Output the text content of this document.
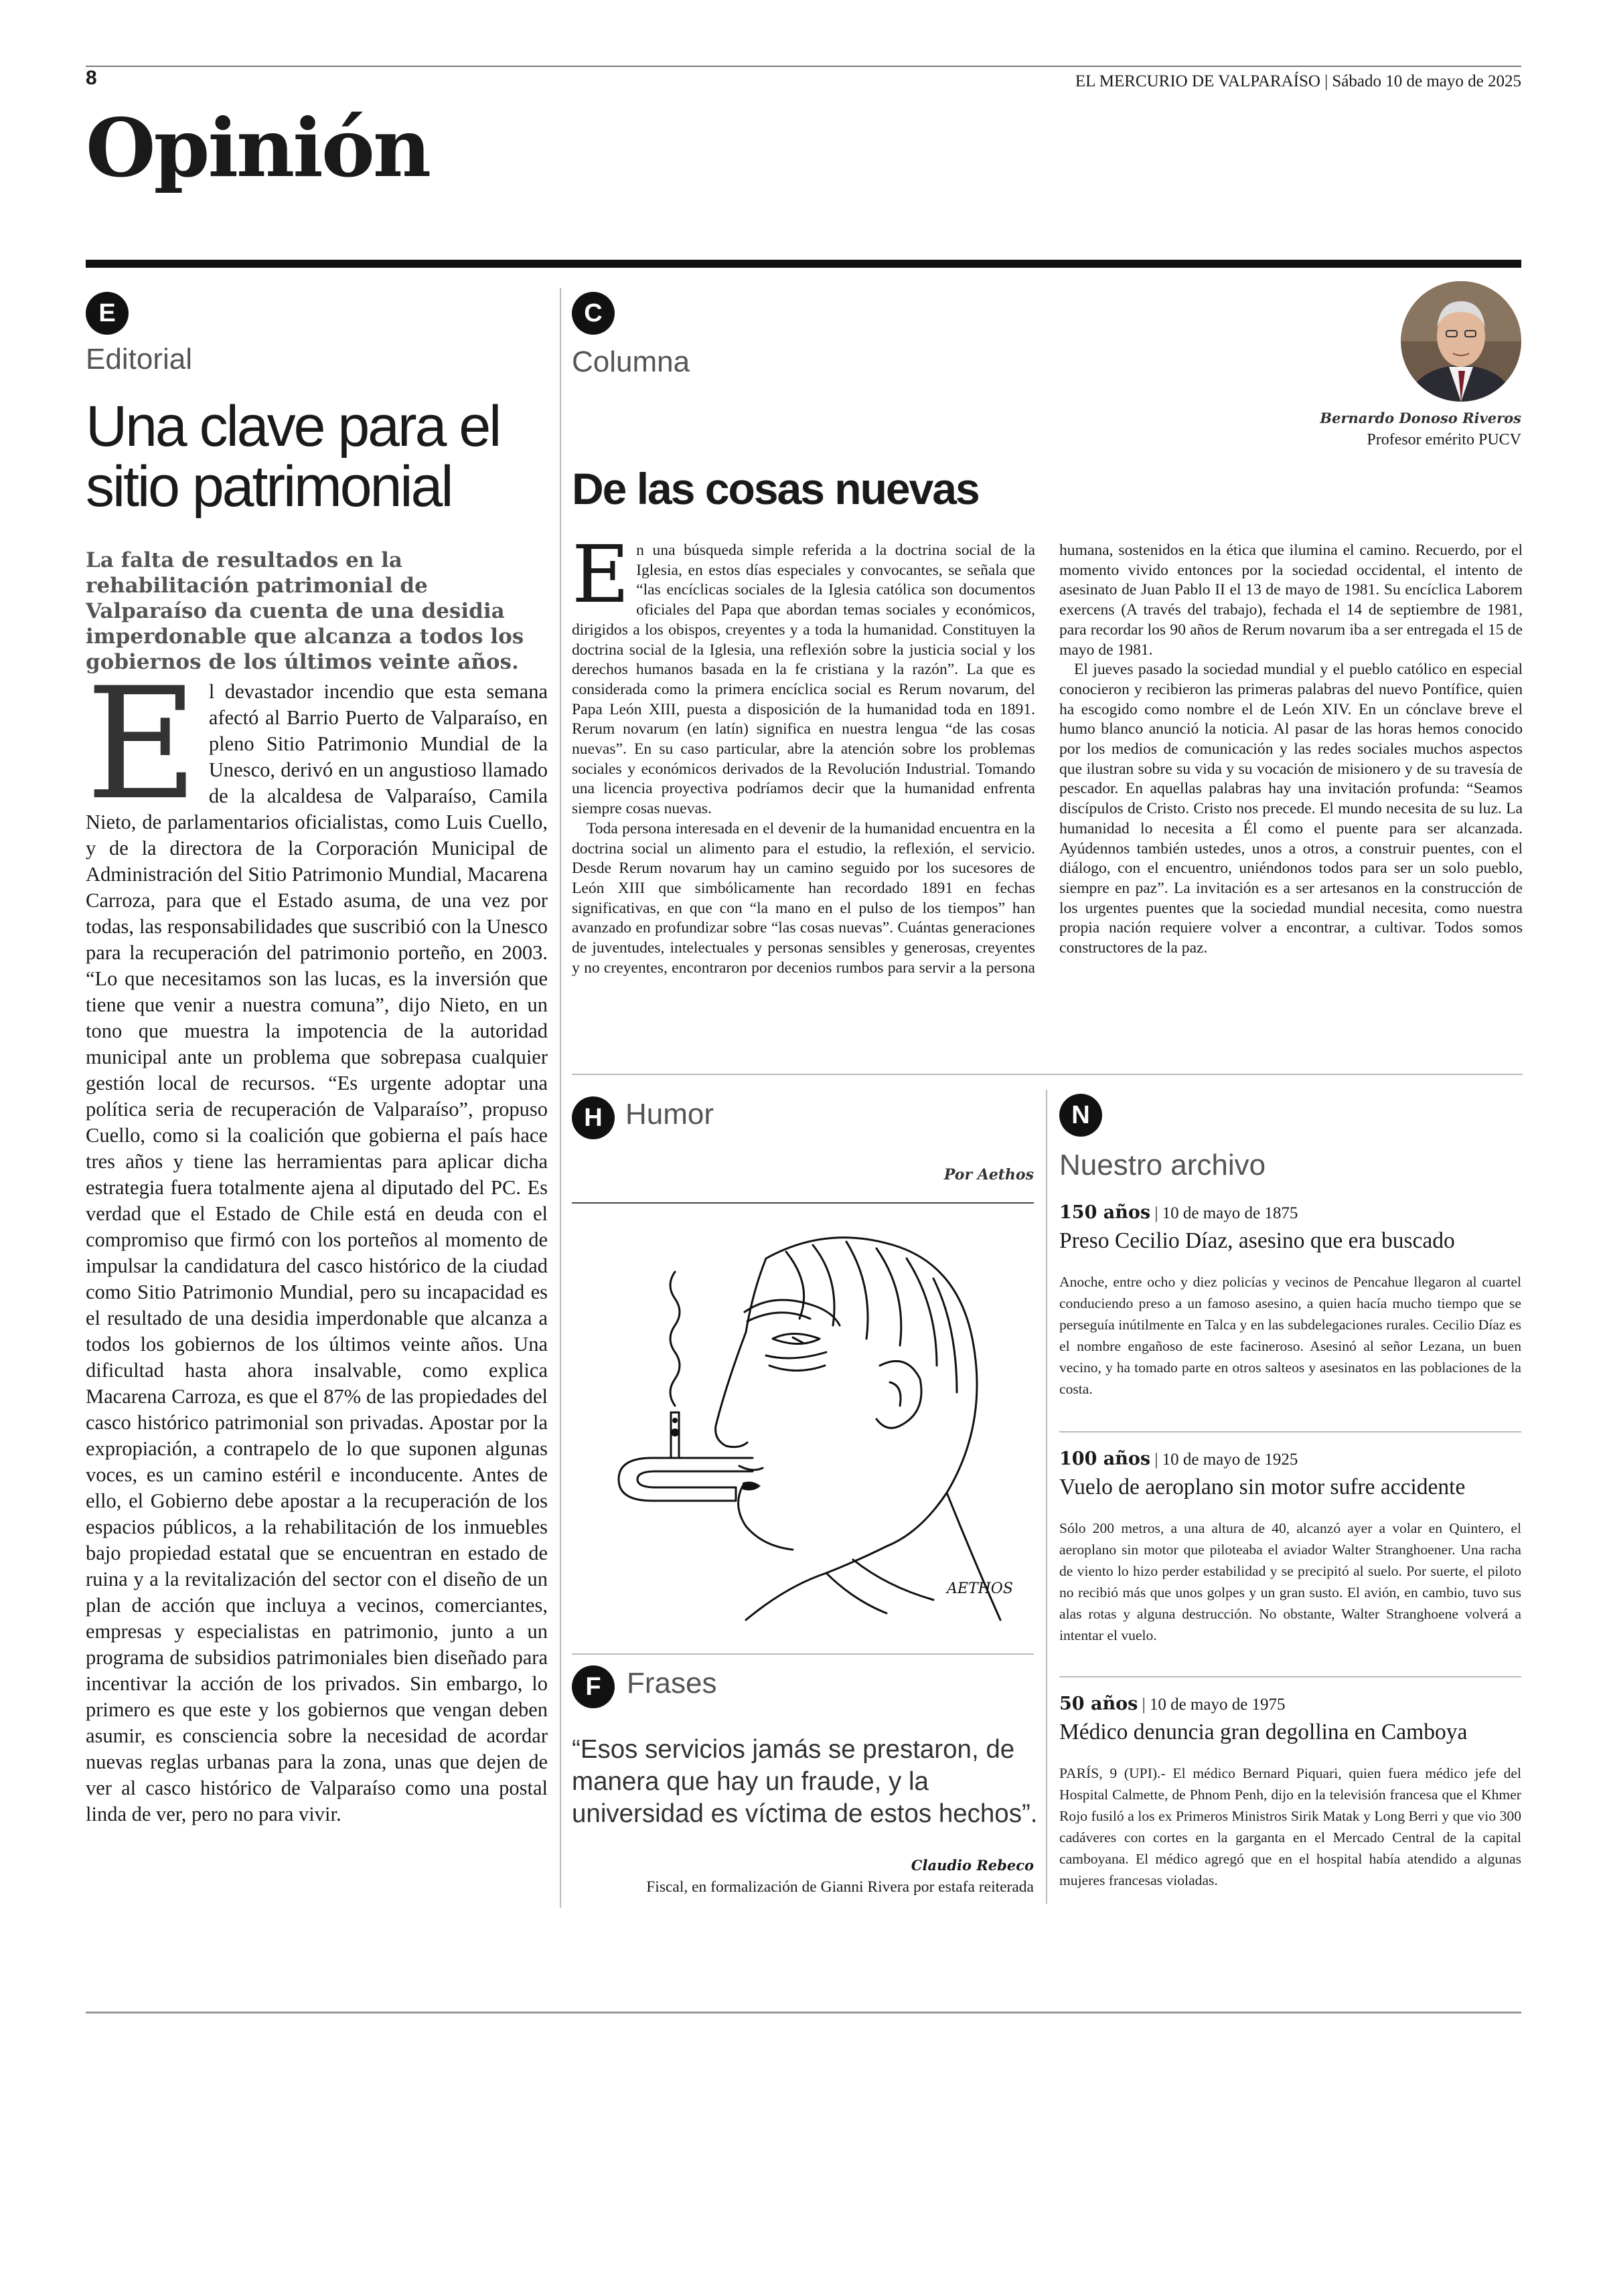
8	EL MERCURIO DE VALPARAÍSO | Sábado 10 de mayo de 2025
Opinión
E
Editorial
Una clave para el sitio patrimonial

La falta de resultados en la rehabilitación patrimonial de Valparaíso da cuenta de una desidia imperdonable que alcanza a todos los gobiernos de los últimos veinte años.

E l devastador incendio que esta semana afectó al Barrio Puerto de Valparaíso, en pleno Sitio Patrimonio Mundial de la Unesco, derivó en un angustioso llamado de la alcaldesa de Valparaíso, Camila Nieto, de parlamentarios oficialistas, como Luis Cuello, y de la directora de la Corporación Municipal de Administración del Sitio Patrimonio Mundial, Macarena Carroza, para que el Estado asuma, de una vez por todas, las responsabilidades que suscribió con la Unesco para la recuperación del patrimonio porteño, en 2003. “Lo que necesitamos son las lucas, es la inversión que tiene que venir a nuestra comuna”, dijo Nieto, en un tono que muestra la impotencia de la autoridad municipal ante un problema que sobrepasa cualquier gestión local de recursos. “Es urgente adoptar una política seria de recuperación de Valparaíso”, propuso Cuello, como si la coalición que gobierna el país hace tres años y tiene las herramientas para aplicar dicha estrategia fuera totalmente ajena al diputado del PC. Es verdad que el Estado de Chile está en deuda con el compromiso que firmó con los porteños al momento de impulsar la candidatura del casco histórico de la ciudad como Sitio Patrimonio Mundial, pero su incapacidad es el resultado de una desidia imperdonable que alcanza a todos los gobiernos de los últimos veinte años. Una dificultad hasta ahora insalvable, como explica Macarena Carroza, es que el 87% de las propiedades del casco histórico patrimonial son privadas. Apostar por la expropiación, a contrapelo de lo que suponen algunas voces, es un camino estéril e inconducente. Antes de ello, el Gobierno debe apostar a la recuperación de los espacios públicos, a la rehabilitación de los inmuebles bajo propiedad estatal que se encuentran en estado de ruina y a la revitalización del sector con el diseño de un plan de acción que incluya a vecinos, comerciantes, empresas y especialistas en patrimonio, junto a un programa de subsidios patrimoniales bien diseñado para incentivar la acción de los privados. Sin embargo, lo primero es que este y los gobiernos que vengan deben asumir, es consciencia sobre la necesidad de acordar nuevas reglas urbanas para la zona, unas que dejen de ver al casco histórico de Valparaíso como una postal linda de ver, pero no para vivir.
C
Columna
Bernardo Donoso Riveros
Profesor emérito PUCV
De las cosas nuevas

En una búsqueda simple referida a la doctrina social de la Iglesia, en estos días especiales y convocantes, se señala que “las encíclicas sociales de la Iglesia católica son documentos oficiales del Papa que abordan temas sociales y económicos, dirigidos a los obispos, creyentes y a toda la humanidad. Constituyen la doctrina social de la Iglesia, una reflexión sobre la justicia social y los derechos humanos basada en la fe cristiana y la razón”. La que es considerada como la primera encíclica social es Rerum novarum, del Papa León XIII, puesta a disposición de la humanidad toda en 1891. Rerum novarum (en latín) significa en nuestra lengua “de las cosas nuevas”. En su caso particular, abre la atención sobre los problemas sociales y económicos derivados de la Revolución Industrial. Tomando una licencia proyectiva podríamos decir que la humanidad enfrenta siempre cosas nuevas.

Toda persona interesada en el devenir de la humanidad encuentra en la doctrina social un alimento para el estudio, la reflexión, el servicio. Desde Rerum novarum hay un camino seguido por los sucesores de León XIII que simbólicamente han recordado 1891 en fechas significativas, en que con “la mano en el pulso de los tiempos” han avanzado en profundizar sobre “las cosas nuevas”. Cuántas generaciones de juventudes, intelectuales y personas sensibles y generosas, creyentes y no creyentes, encontraron por decenios rumbos para servir a la persona humana, sostenidos en la ética que ilumina el camino. Recuerdo, por el momento vivido entonces por la sociedad occidental, el intento de asesinato de Juan Pablo II el 13 de mayo de 1981. Su encíclica Laborem exercens (A través del trabajo), fechada el 14 de septiembre de 1981, para recordar los 90 años de Rerum novarum iba a ser entregada el 15 de mayo de 1981.

El jueves pasado la sociedad mundial y el pueblo católico en especial conocieron y recibieron las primeras palabras del nuevo Pontífice, quien ha escogido como nombre el de León XIV. En un cónclave breve el humo blanco anunció la noticia. Al pasar de las horas hemos conocido por los medios de comunicación y las redes sociales muchos aspectos que ilustran sobre su vida y su vocación de misionero y de su travesía de pescador. En aquellas palabras hay una invitación profunda: “Seamos discípulos de Cristo. Cristo nos precede. El mundo necesita de su luz. La humanidad lo necesita a Él como el puente para ser alcanzada. Ayúdennos también ustedes, unos a otros, a construir puentes, con el diálogo, con el encuentro, uniéndonos todos para ser un solo pueblo, siempre en paz”. La invitación es a ser artesanos en la construcción de los urgentes puentes que la sociedad mundial necesita, como nuestra propia nación requiere volver a encontrar, a cultivar. Todos somos constructores de la paz.

H Humor
Por Aethos
AETHOS
F Frases

“Esos servicios jamás se prestaron, de manera que hay un fraude, y la universidad es víctima de estos hechos”.

Claudio Rebeco
Fiscal, en formalización de Gianni Rivera por estafa reiterada
N
Nuestro archivo
150 años | 10 de mayo de 1875
Preso Cecilio Díaz, asesino que era buscado
Anoche, entre ocho y diez policías y vecinos de Pencahue llegaron al cuartel conduciendo preso a un famoso asesino, a quien hacía mucho tiempo que se perseguía inútilmente en Talca y en las subdelegaciones rurales. Cecilio Díaz es el nombre engañoso de este facineroso. Asesinó al señor Lezana, un buen vecino, y ha tomado parte en otros salteos y asesinatos en las poblaciones de la costa.
100 años | 10 de mayo de 1925
Vuelo de aeroplano sin motor sufre accidente
Sólo 200 metros, a una altura de 40, alcanzó ayer a volar en Quintero, el aeroplano sin motor que piloteaba el aviador Walter Stranghoener. Una racha de viento lo hizo perder estabilidad y se precipitó al suelo. Por suerte, el piloto no recibió más que unos golpes y un gran susto. El avión, en cambio, tuvo sus alas rotas y alguna destrucción. No obstante, Walter Stranghoene volverá a intentar el vuelo.
50 años | 10 de mayo de 1975
Médico denuncia gran degollina en Camboya
PARÍS, 9 (UPI).- El médico Bernard Piquari, quien fuera médico jefe del Hospital Calmette, de Phnom Penh, dijo en la televisión francesa que el Khmer Rojo fusiló a los ex Primeros Ministros Sirik Matak y Long Berri y que vio 300 cadáveres con cortes en la garganta en el Mercado Central de la capital camboyana. El médico agregó que en el hospital había atendido a algunas mujeres francesas violadas.
